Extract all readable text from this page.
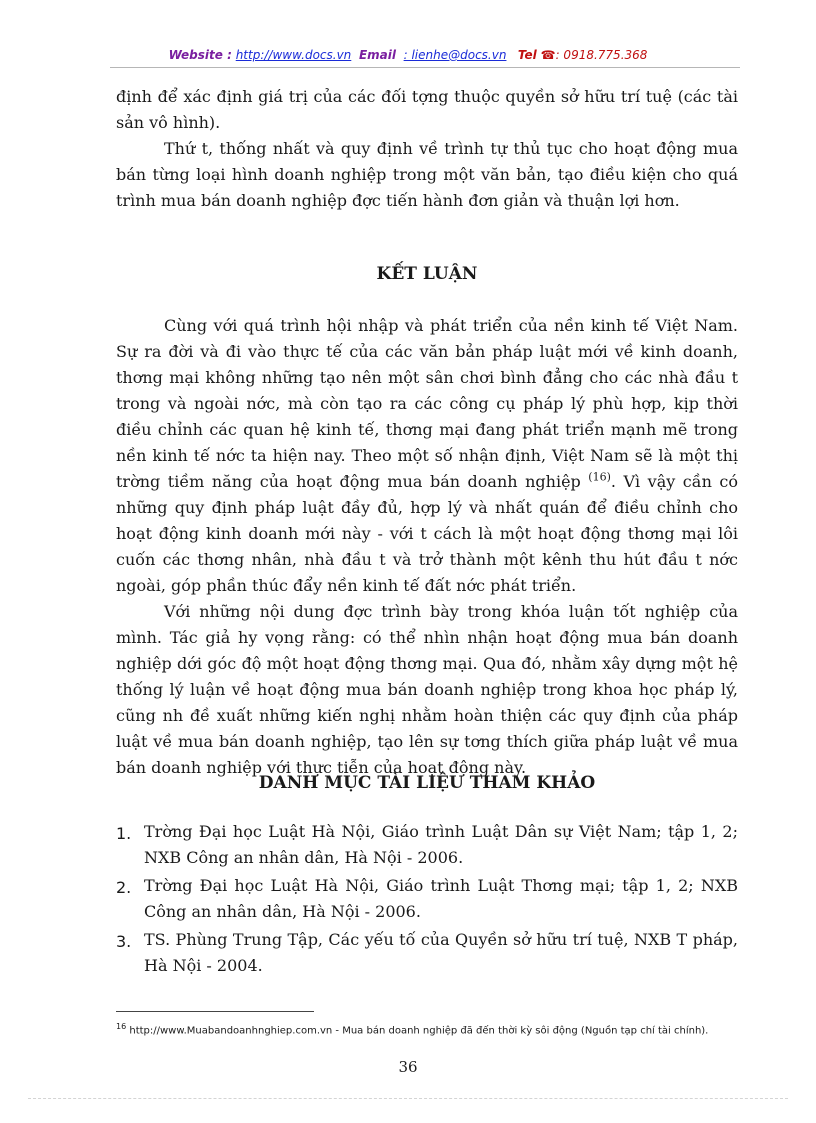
Website : http://www.docs.vn Email : lienhe@docs.vn Tel ☎: 0918.775.368

định để xác định giá trị của các đối tợng thuộc quyền sở hữu trí tuệ (các tài sản vô hình).

Thứ t, thống nhất và quy định về trình tự thủ tục cho hoạt động mua bán từng loại hình doanh nghiệp trong một văn bản, tạo điều kiện cho quá trình mua bán doanh nghiệp đợc tiến hành đơn giản và thuận lợi hơn.

KẾT LUẬN

Cùng với quá trình hội nhập và phát triển của nền kinh tế Việt Nam. Sự ra đời và đi vào thực tế của các văn bản pháp luật mới về kinh doanh, thơng mại không những tạo nên một sân chơi bình đẳng cho các nhà đầu t trong và ngoài nớc, mà còn tạo ra các công cụ pháp lý phù hợp, kịp thời điều chỉnh các quan hệ kinh tế, thơng mại đang phát triển mạnh mẽ trong nền kinh tế nớc ta hiện nay. Theo một số nhận định, Việt Nam sẽ là một thị trờng tiềm năng của hoạt động mua bán doanh nghiệp $^{(16)}$. Vì vậy cần có những quy định pháp luật đầy đủ, hợp lý và nhất quán để điều chỉnh cho hoạt động kinh doanh mới này - với t cách là một hoạt động thơng mại lôi cuốn các thơng nhân, nhà đầu t và trở thành một kênh thu hút đầu t nớc ngoài, góp phần thúc đẩy nền kinh tế đất nớc phát triển.

Với những nội dung đợc trình bày trong khóa luận tốt nghiệp của mình. Tác giả hy vọng rằng: có thể nhìn nhận hoạt động mua bán doanh nghiệp dới góc độ một hoạt động thơng mại. Qua đó, nhằm xây dựng một hệ thống lý luận về hoạt động mua bán doanh nghiệp trong khoa học pháp lý, cũng nh đề xuất những kiến nghị nhằm hoàn thiện các quy định của pháp luật về mua bán doanh nghiệp, tạo lên sự tơng thích giữa pháp luật về mua bán doanh nghiệp với thực tiễn của hoạt động này.

DANH MỤC TÀI LIỆU THAM KHẢO
1. Trờng Đại học Luật Hà Nội, Giáo trình Luật Dân sự Việt Nam; tập 1, 2; NXB Công an nhân dân, Hà Nội - 2006.
2. Trờng Đại học Luật Hà Nội, Giáo trình Luật Thơng mại; tập 1, 2; NXB Công an nhân dân, Hà Nội - 2006.
3. TS. Phùng Trung Tập, Các yếu tố của Quyền sở hữu trí tuệ, NXB T pháp, Hà Nội - 2004.
$^{16}$ http://www.Muabandoanhnghiep.com.vn - Mua bán doanh nghiệp đã đến thời kỳ sôi động (Nguồn tạp chí tài chính).
36
